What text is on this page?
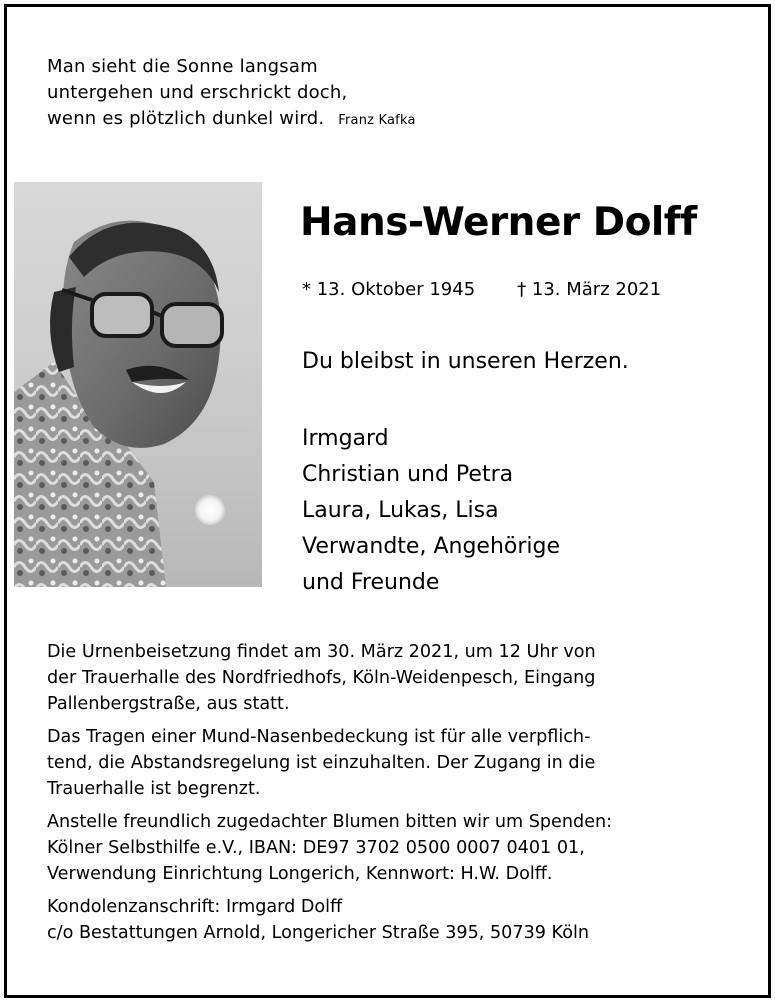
Man sieht die Sonne langsam
untergehen und erschrickt doch,
wenn es plötzlich dunkel wird. Franz Kafka
Hans-Werner Dolff
* 13. Oktober 1945 † 13. März 2021
Du bleibst in unseren Herzen.
Irmgard
Christian und Petra
Laura, Lukas, Lisa
Verwandte, Angehörige
und Freunde

Die Urnenbeisetzung findet am 30. März 2021, um 12 Uhr von
der Trauerhalle des Nordfriedhofs, Köln-Weidenpesch, Eingang
Pallenbergstraße, aus statt.

Das Tragen einer Mund-Nasenbedeckung ist für alle verpflich-
tend, die Abstandsregelung ist einzuhalten. Der Zugang in die
Trauerhalle ist begrenzt.

Anstelle freundlich zugedachter Blumen bitten wir um Spenden:
Kölner Selbsthilfe e.V., IBAN: DE97 3702 0500 0007 0401 01,
Verwendung Einrichtung Longerich, Kennwort: H.W. Dolff.

Kondolenzanschrift: Irmgard Dolff
c/o Bestattungen Arnold, Longericher Straße 395, 50739 Köln
